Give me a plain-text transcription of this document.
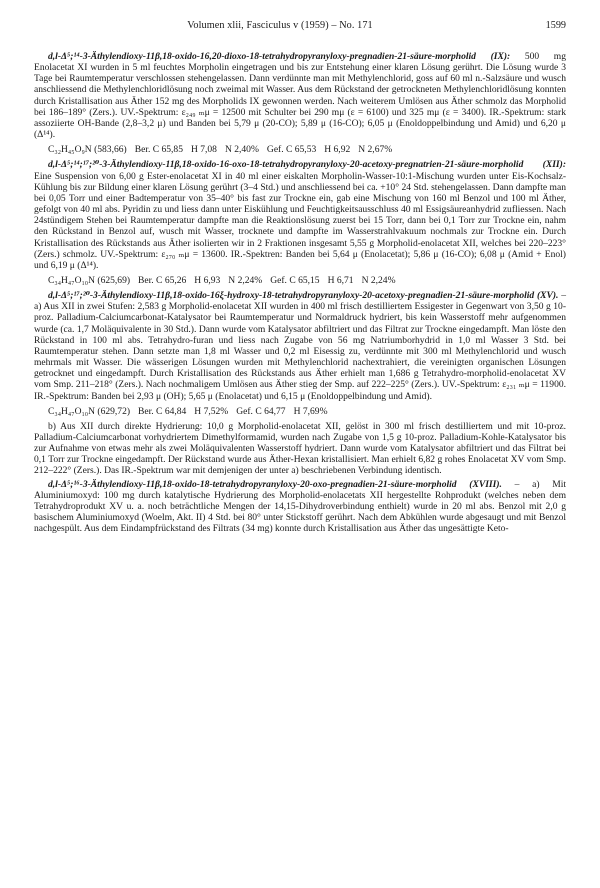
Volumen xlii, Fasciculus v (1959) – No. 171	1599

d,l-Δ⁵;¹⁴-3-Äthylendioxy-11β,18-oxido-16,20-dioxo-18-tetrahydropyranyloxy-pregnadien-21-säure-morpholid (IX): 500 mg Enolacetat XI wurden in 5 ml feuchtes Morpholin eingetragen und bis zur Entstehung einer klaren Lösung gerührt. Die Lösung wurde 3 Tage bei Raumtemperatur verschlossen stehengelassen. Dann verdünnte man mit Methylenchlorid, goss auf 60 ml n.-Salzsäure und wusch anschliessend die Methylenchloridlösung noch zweimal mit Wasser. Aus dem Rückstand der getrockneten Methylenchloridlösung konnten durch Kristallisation aus Äther 152 mg des Morpholids IX gewonnen werden. Nach weiterem Umlösen aus Äther schmolz das Morpholid bei 186–189° (Zers.). UV.-Spektrum: ε₂₄₉ ₘμ = 12500 mit Schulter bei 290 mμ (ε = 6100) und 325 mμ (ε = 3400). IR.-Spektrum: stark assoziierte OH-Bande (2,8–3,2 μ) und Banden bei 5,79 μ (20-CO); 5,89 μ (16-CO); 6,05 μ (Enoldoppelbindung und Amid) und 6,20 μ (Δ¹⁴).

C₃₂H₄₅O₉N (583,66) Ber. C 65,85 H 7,08 N 2,40% Gef. C 65,53 H 6,92 N 2,67%

d,l-Δ⁵;¹⁴;¹⁷;²⁰-3-Äthylendioxy-11β,18-oxido-16-oxo-18-tetrahydropyranyloxy-20-acetoxy-pregnatrien-21-säure-morpholid (XII): Eine Suspension von 6,00 g Ester-enolacetat XI in 40 ml einer eiskalten Morpholin-Wasser-10:1-Mischung wurden unter Eis-Kochsalz-Kühlung bis zur Bildung einer klaren Lösung gerührt (3–4 Std.) und anschliessend bei ca. +10° 24 Std. stehengelassen. Dann dampfte man bei 0,05 Torr und einer Badtemperatur von 35–40° bis fast zur Trockne ein, gab eine Mischung von 160 ml Benzol und 100 ml Äther, gefolgt von 40 ml abs. Pyridin zu und liess dann unter Eiskühlung und Feuchtigkeitsausschluss 40 ml Essigsäureanhydrid zufliessen. Nach 24stündigem Stehen bei Raumtemperatur dampfte man die Reaktionslösung zuerst bei 15 Torr, dann bei 0,1 Torr zur Trockne ein, nahm den Rückstand in Benzol auf, wusch mit Wasser, trocknete und dampfte im Wasserstrahlvakuum nochmals zur Trockne ein. Durch Kristallisation des Rückstands aus Äther isolierten wir in 2 Fraktionen insgesamt 5,55 g Morpholid-enolacetat XII, welches bei 220–223° (Zers.) schmolz. UV.-Spektrum: ε₂₇₀ ₘμ = 13600. IR.-Spektren: Banden bei 5,64 μ (Enolacetat); 5,86 μ (16-CO); 6,08 μ (Amid + Enol) und 6,19 μ (Δ¹⁴).

C₃₄H₄₇O₁₀N (625,69) Ber. C 65,26 H 6,93 N 2,24% Gef. C 65,15 H 6,71 N 2,24%

d,l-Δ⁵;¹⁷;²⁰-3-Äthylendioxy-11β,18-oxido-16ξ-hydroxy-18-tetrahydropyranyloxy-20-acetoxy-pregnadien-21-säure-morpholid (XV). – a) Aus XII in zwei Stufen: 2,583 g Morpholid-enolacetat XII wurden in 400 ml frisch destilliertem Essigester in Gegenwart von 3,50 g 10-proz. Palladium-Calciumcarbonat-Katalysator bei Raumtemperatur und Normaldruck hydriert, bis kein Wasserstoff mehr aufgenommen wurde (ca. 1,7 Moläquivalente in 30 Std.). Dann wurde vom Katalysator abfiltriert und das Filtrat zur Trockne eingedampft. Man löste den Rückstand in 100 ml abs. Tetrahydro-furan und liess nach Zugabe von 56 mg Natriumborhydrid in 1,0 ml Wasser 3 Std. bei Raumtemperatur stehen. Dann setzte man 1,8 ml Wasser und 0,2 ml Eisessig zu, verdünnte mit 300 ml Methylenchlorid und wusch mehrmals mit Wasser. Die wässerigen Lösungen wurden mit Methylenchlorid nachextrahiert, die vereinigten organischen Lösungen getrocknet und eingedampft. Durch Kristallisation des Rückstands aus Äther erhielt man 1,686 g Tetrahydro-morpholid-enolacetat XV vom Smp. 211–218° (Zers.). Nach nochmaligem Umlösen aus Äther stieg der Smp. auf 222–225° (Zers.). UV.-Spektrum: ε₂₃₁ ₘμ = 11900. IR.-Spektrum: Banden bei 2,93 μ (OH); 5,65 μ (Enolacetat) und 6,15 μ (Enoldoppelbindung und Amid).

C₃₄H₄₇O₁₀N (629,72) Ber. C 64,84 H 7,52% Gef. C 64,77 H 7,69%

b) Aus XII durch direkte Hydrierung: 10,0 g Morpholid-enolacetat XII, gelöst in 300 ml frisch destilliertem und mit 10-proz. Palladium-Calciumcarbonat vorhydriertem Dimethylformamid, wurden nach Zugabe von 1,5 g 10-proz. Palladium-Kohle-Katalysator bis zur Aufnahme von etwas mehr als zwei Moläquivalenten Wasserstoff hydriert. Dann wurde vom Katalysator abfiltriert und das Filtrat bei 0,1 Torr zur Trockne eingedampft. Der Rückstand wurde aus Äther-Hexan kristallisiert. Man erhielt 6,82 g rohes Enolacetat XV vom Smp. 212–222° (Zers.). Das IR.-Spektrum war mit demjenigen der unter a) beschriebenen Verbindung identisch.

d,l-Δ⁵;¹⁶-3-Äthylendioxy-11β,18-oxido-18-tetrahydropyranyloxy-20-oxo-pregnadien-21-säure-morpholid (XVIII). – a) Mit Aluminiumoxyd: 100 mg durch katalytische Hydrierung des Morpholid-enolacetats XII hergestellte Rohprodukt (welches neben dem Tetrahydroprodukt XV u. a. noch beträchtliche Mengen der 14,15-Dihydroverbindung enthielt) wurde in 20 ml abs. Benzol mit 2,0 g basischem Aluminiumoxyd (Woelm, Akt. II) 4 Std. bei 80° unter Stickstoff gerührt. Nach dem Abkühlen wurde abgesaugt und mit Benzol nachgespült. Aus dem Eindampfrückstand des Filtrats (34 mg) konnte durch Kristallisation aus Äther das ungesättigte Keto-
